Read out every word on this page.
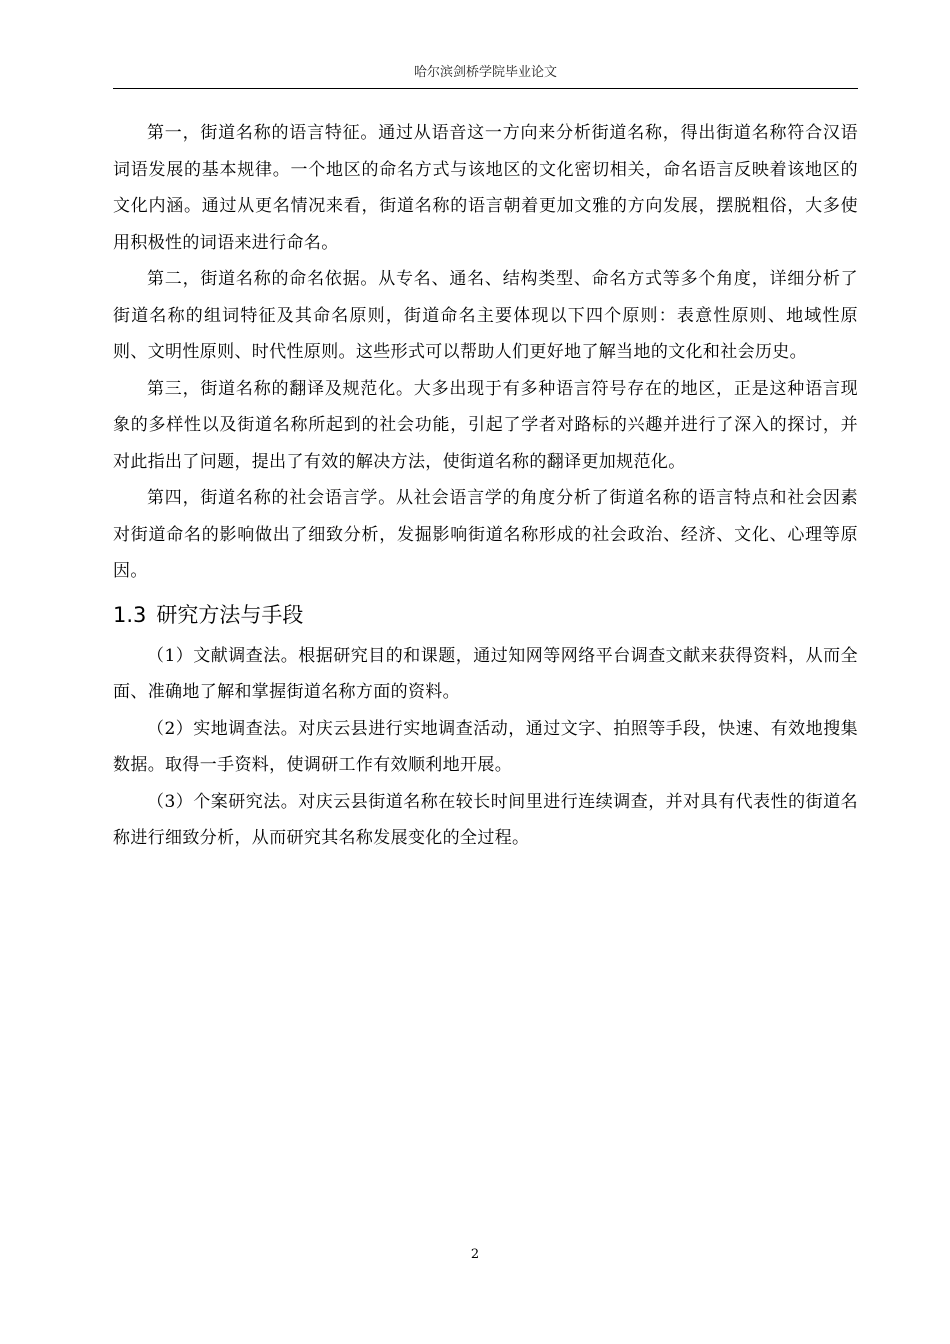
哈尔滨剑桥学院毕业论文

第一，街道名称的语言特征。通过从语音这一方向来分析街道名称，得出街道名称符合汉语词语发展的基本规律。一个地区的命名方式与该地区的文化密切相关，命名语言反映着该地区的文化内涵。通过从更名情况来看，街道名称的语言朝着更加文雅的方向发展，摆脱粗俗，大多使用积极性的词语来进行命名。

第二，街道名称的命名依据。从专名、通名、结构类型、命名方式等多个角度，详细分析了街道名称的组词特征及其命名原则，街道命名主要体现以下四个原则：表意性原则、地域性原则、文明性原则、时代性原则。这些形式可以帮助人们更好地了解当地的文化和社会历史。

第三，街道名称的翻译及规范化。大多出现于有多种语言符号存在的地区，正是这种语言现象的多样性以及街道名称所起到的社会功能，引起了学者对路标的兴趣并进行了深入的探讨，并对此指出了问题，提出了有效的解决方法，使街道名称的翻译更加规范化。

第四，街道名称的社会语言学。从社会语言学的角度分析了街道名称的语言特点和社会因素对街道命名的影响做出了细致分析，发掘影响街道名称形成的社会政治、经济、文化、心理等原因。

1.3 研究方法与手段

（1）文献调查法。根据研究目的和课题，通过知网等网络平台调查文献来获得资料，从而全面、准确地了解和掌握街道名称方面的资料。

（2）实地调查法。对庆云县进行实地调查活动，通过文字、拍照等手段，快速、有效地搜集数据。取得一手资料，使调研工作有效顺利地开展。

（3）个案研究法。对庆云县街道名称在较长时间里进行连续调查，并对具有代表性的街道名称进行细致分析，从而研究其名称发展变化的全过程。

2
